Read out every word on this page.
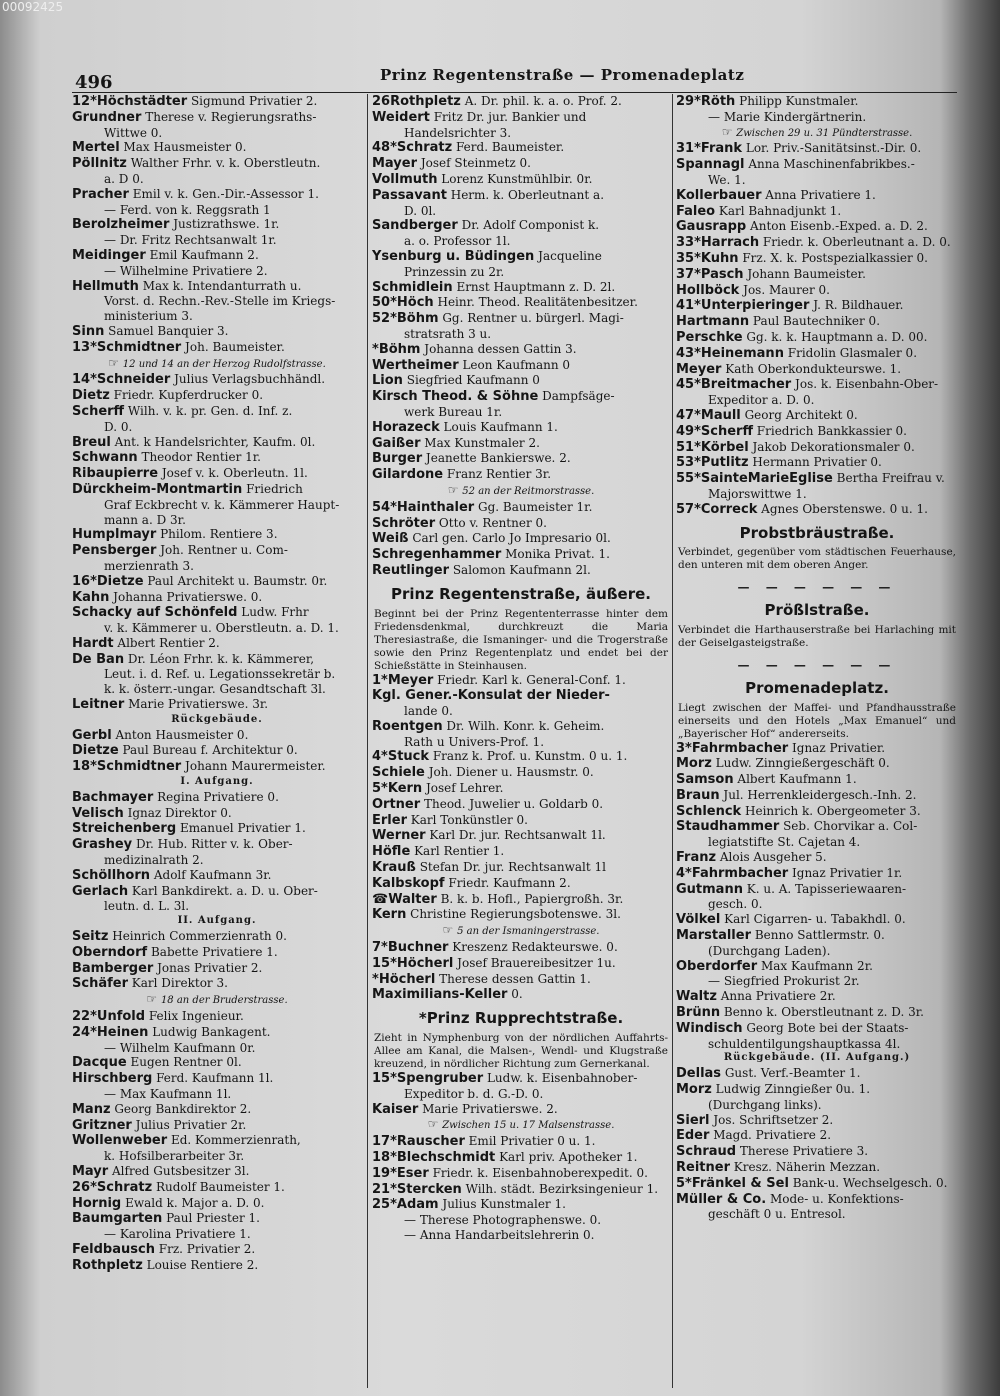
00092425
496	Prinz Regentenstraße — Promenadeplatz
12*Höchstädter Sigmund Privatier 2.
Grundner Therese v. Regierungsraths-
Wittwe 0.
Mertel Max Hausmeister 0.
Pöllnitz Walther Frhr. v. k. Oberstleutn.
a. D 0.
Pracher Emil v. k. Gen.-Dir.-Assessor 1.
— Ferd. von k. Reggsrath 1
Berolzheimer Justizrathswe. 1r.
— Dr. Fritz Rechtsanwalt 1r.
Meidinger Emil Kaufmann 2.
— Wilhelmine Privatiere 2.
Hellmuth Max k. Intendanturrath u.
Vorst. d. Rechn.-Rev.-Stelle im Kriegs-
ministerium 3.
Sinn Samuel Banquier 3.
13*Schmidtner Joh. Baumeister.
☞ 12 und 14 an der Herzog Rudolfstrasse.
14*Schneider Julius Verlagsbuchhändl.
Dietz Friedr. Kupferdrucker 0.
Scherff Wilh. v. k. pr. Gen. d. Inf. z.
D. 0.
Breul Ant. k Handelsrichter, Kaufm. 0l.
Schwann Theodor Rentier 1r.
Ribaupierre Josef v. k. Oberleutn. 1l.
Dürckheim-Montmartin Friedrich
Graf Eckbrecht v. k. Kämmerer Haupt-
mann a. D 3r.
Humplmayr Philom. Rentiere 3.
Pensberger Joh. Rentner u. Com-
merzienrath 3.
16*Dietze Paul Architekt u. Baumstr. 0r.
Kahn Johanna Privatierswe. 0.
Schacky auf Schönfeld Ludw. Frhr
v. k. Kämmerer u. Oberstleutn. a. D. 1.
Hardt Albert Rentier 2.
De Ban Dr. Léon Frhr. k. k. Kämmerer,
Leut. i. d. Ref. u. Legationssekretär b.
k. k. österr.-ungar. Gesandtschaft 3l.
Leitner Marie Privatierswe. 3r.
Rückgebäude.
Gerbl Anton Hausmeister 0.
Dietze Paul Bureau f. Architektur 0.
18*Schmidtner Johann Maurermeister.
I. Aufgang.
Bachmayer Regina Privatiere 0.
Velisch Ignaz Direktor 0.
Streichenberg Emanuel Privatier 1.
Grashey Dr. Hub. Ritter v. k. Ober-
medizinalrath 2.
Schöllhorn Adolf Kaufmann 3r.
Gerlach Karl Bankdirekt. a. D. u. Ober-
leutn. d. L. 3l.
II. Aufgang.
Seitz Heinrich Commerzienrath 0.
Oberndorf Babette Privatiere 1.
Bamberger Jonas Privatier 2.
Schäfer Karl Direktor 3.
☞ 18 an der Bruderstrasse.
22*Unfold Felix Ingenieur.
24*Heinen Ludwig Bankagent.
— Wilhelm Kaufmann 0r.
Dacque Eugen Rentner 0l.
Hirschberg Ferd. Kaufmann 1l.
— Max Kaufmann 1l.
Manz Georg Bankdirektor 2.
Gritzner Julius Privatier 2r.
Wollenweber Ed. Kommerzienrath,
k. Hofsilberarbeiter 3r.
Mayr Alfred Gutsbesitzer 3l.
26*Schratz Rudolf Baumeister 1.
Hornig Ewald k. Major a. D. 0.
Baumgarten Paul Priester 1.
— Karolina Privatiere 1.
Feldbausch Frz. Privatier 2.
Rothpletz Louise Rentiere 2.
26Rothpletz A. Dr. phil. k. a. o. Prof. 2.
Weidert Fritz Dr. jur. Bankier und
Handelsrichter 3.
48*Schratz Ferd. Baumeister.
Mayer Josef Steinmetz 0.
Vollmuth Lorenz Kunstmühlbir. 0r.
Passavant Herm. k. Oberleutnant a.
D. 0l.
Sandberger Dr. Adolf Componist k.
a. o. Professor 1l.
Ysenburg u. Büdingen Jacqueline
Prinzessin zu 2r.
Schmidlein Ernst Hauptmann z. D. 2l.
50*Höch Heinr. Theod. Realitätenbesitzer.
52*Böhm Gg. Rentner u. bürgerl. Magi-
stratsrath 3 u.
*Böhm Johanna dessen Gattin 3.
Wertheimer Leon Kaufmann 0
Lion Siegfried Kaufmann 0
Kirsch Theod. & Söhne Dampfsäge-
werk Bureau 1r.
Horazeck Louis Kaufmann 1.
Gaißer Max Kunstmaler 2.
Burger Jeanette Bankierswe. 2.
Gilardone Franz Rentier 3r.
☞ 52 an der Reitmorstrasse.
54*Hainthaler Gg. Baumeister 1r.
Schröter Otto v. Rentner 0.
Weiß Carl gen. Carlo Jo Impresario 0l.
Schregenhammer Monika Privat. 1.
Reutlinger Salomon Kaufmann 2l.
Prinz Regentenstraße, äußere.
Beginnt bei der Prinz Regententerrasse hinter dem Friedensdenkmal, durchkreuzt die Maria Theresiastraße, die Ismaninger- und die Trogerstraße sowie den Prinz Regentenplatz und endet bei der Schießstätte in Steinhausen.
1*Meyer Friedr. Karl k. General-Conf. 1.
Kgl. Gener.-Konsulat der Nieder-
lande 0.
Roentgen Dr. Wilh. Konr. k. Geheim.
Rath u Univers-Prof. 1.
4*Stuck Franz k. Prof. u. Kunstm. 0 u. 1.
Schiele Joh. Diener u. Hausmstr. 0.
5*Kern Josef Lehrer.
Ortner Theod. Juwelier u. Goldarb 0.
Erler Karl Tonkünstler 0.
Werner Karl Dr. jur. Rechtsanwalt 1l.
Höfle Karl Rentier 1.
Krauß Stefan Dr. jur. Rechtsanwalt 1l
Kalbskopf Friedr. Kaufmann 2.
☎Walter B. k. b. Hofl., Papiergroßh. 3r.
Kern Christine Regierungsbotenswe. 3l.
☞ 5 an der Ismaningerstrasse.
7*Buchner Kreszenz Redakteurswe. 0.
15*Höcherl Josef Brauereibesitzer 1u.
*Höcherl Therese dessen Gattin 1.
Maximilians-Keller 0.
*Prinz Rupprechtstraße.
Zieht in Nymphenburg von der nördlichen Auffahrts-Allee am Kanal, die Malsen-, Wendl- und Klugstraße kreuzend, in nördlicher Richtung zum Gernerkanal.
15*Spengruber Ludw. k. Eisenbahnober-
Expeditor b. d. G.-D. 0.
Kaiser Marie Privatierswe. 2.
☞ Zwischen 15 u. 17 Malsenstrasse.
17*Rauscher Emil Privatier 0 u. 1.
18*Blechschmidt Karl priv. Apotheker 1.
19*Eser Friedr. k. Eisenbahnoberexpedit. 0.
21*Stercken Wilh. städt. Bezirksingenieur 1.
25*Adam Julius Kunstmaler 1.
— Therese Photographenswe. 0.
— Anna Handarbeitslehrerin 0.
29*Röth Philipp Kunstmaler.
— Marie Kindergärtnerin.
☞ Zwischen 29 u. 31 Pündterstrasse.
31*Frank Lor. Priv.-Sanitätsinst.-Dir. 0.
Spannagl Anna Maschinenfabrikbes.-
We. 1.
Kollerbauer Anna Privatiere 1.
Faleo Karl Bahnadjunkt 1.
Gausrapp Anton Eisenb.-Exped. a. D. 2.
33*Harrach Friedr. k. Oberleutnant a. D. 0.
35*Kuhn Frz. X. k. Postspezialkassier 0.
37*Pasch Johann Baumeister.
Hollböck Jos. Maurer 0.
41*Unterpieringer J. R. Bildhauer.
Hartmann Paul Bautechniker 0.
Perschke Gg. k. k. Hauptmann a. D. 00.
43*Heinemann Fridolin Glasmaler 0.
Meyer Kath Oberkondukteurswe. 1.
45*Breitmacher Jos. k. Eisenbahn-Ober-
Expeditor a. D. 0.
47*Maull Georg Architekt 0.
49*Scherff Friedrich Bankkassier 0.
51*Körbel Jakob Dekorationsmaler 0.
53*Putlitz Hermann Privatier 0.
55*SainteMarieEglise Bertha Freifrau v.
Majorswittwe 1.
57*Correck Agnes Oberstenswe. 0 u. 1.
Probstbräustraße.
Verbindet, gegenüber vom städtischen Feuerhause, den unteren mit dem oberen Anger.
— — — — — —
Prößlstraße.
Verbindet die Harthauserstraße bei Harlaching mit der Geiselgasteigstraße.
— — — — — —
Promenadeplatz.
Liegt zwischen der Maffei- und Pfandhausstraße einerseits und den Hotels „Max Emanuel“ und „Bayerischer Hof“ andererseits.
3*Fahrmbacher Ignaz Privatier.
Morz Ludw. Zinngießergeschäft 0.
Samson Albert Kaufmann 1.
Braun Jul. Herrenkleidergesch.-Inh. 2.
Schlenck Heinrich k. Obergeometer 3.
Staudhammer Seb. Chorvikar a. Col-
legiatstifte St. Cajetan 4.
Franz Alois Ausgeher 5.
4*Fahrmbacher Ignaz Privatier 1r.
Gutmann K. u. A. Tapisseriewaaren-
gesch. 0.
Völkel Karl Cigarren- u. Tabakhdl. 0.
Marstaller Benno Sattlermstr. 0.
(Durchgang Laden).
Oberdorfer Max Kaufmann 2r.
— Siegfried Prokurist 2r.
Waltz Anna Privatiere 2r.
Brünn Benno k. Oberstleutnant z. D. 3r.
Windisch Georg Bote bei der Staats-
schuldentilgungshauptkassa 4l.
Rückgebäude. (II. Aufgang.)
Dellas Gust. Verf.-Beamter 1.
Morz Ludwig Zinngießer 0u. 1.
(Durchgang links).
Sierl Jos. Schriftsetzer 2.
Eder Magd. Privatiere 2.
Schraud Therese Privatiere 3.
Reitner Kresz. Näherin Mezzan.
5*Fränkel & Sel Bank-u. Wechselgesch. 0.
Müller & Co. Mode- u. Konfektions-
geschäft 0 u. Entresol.
